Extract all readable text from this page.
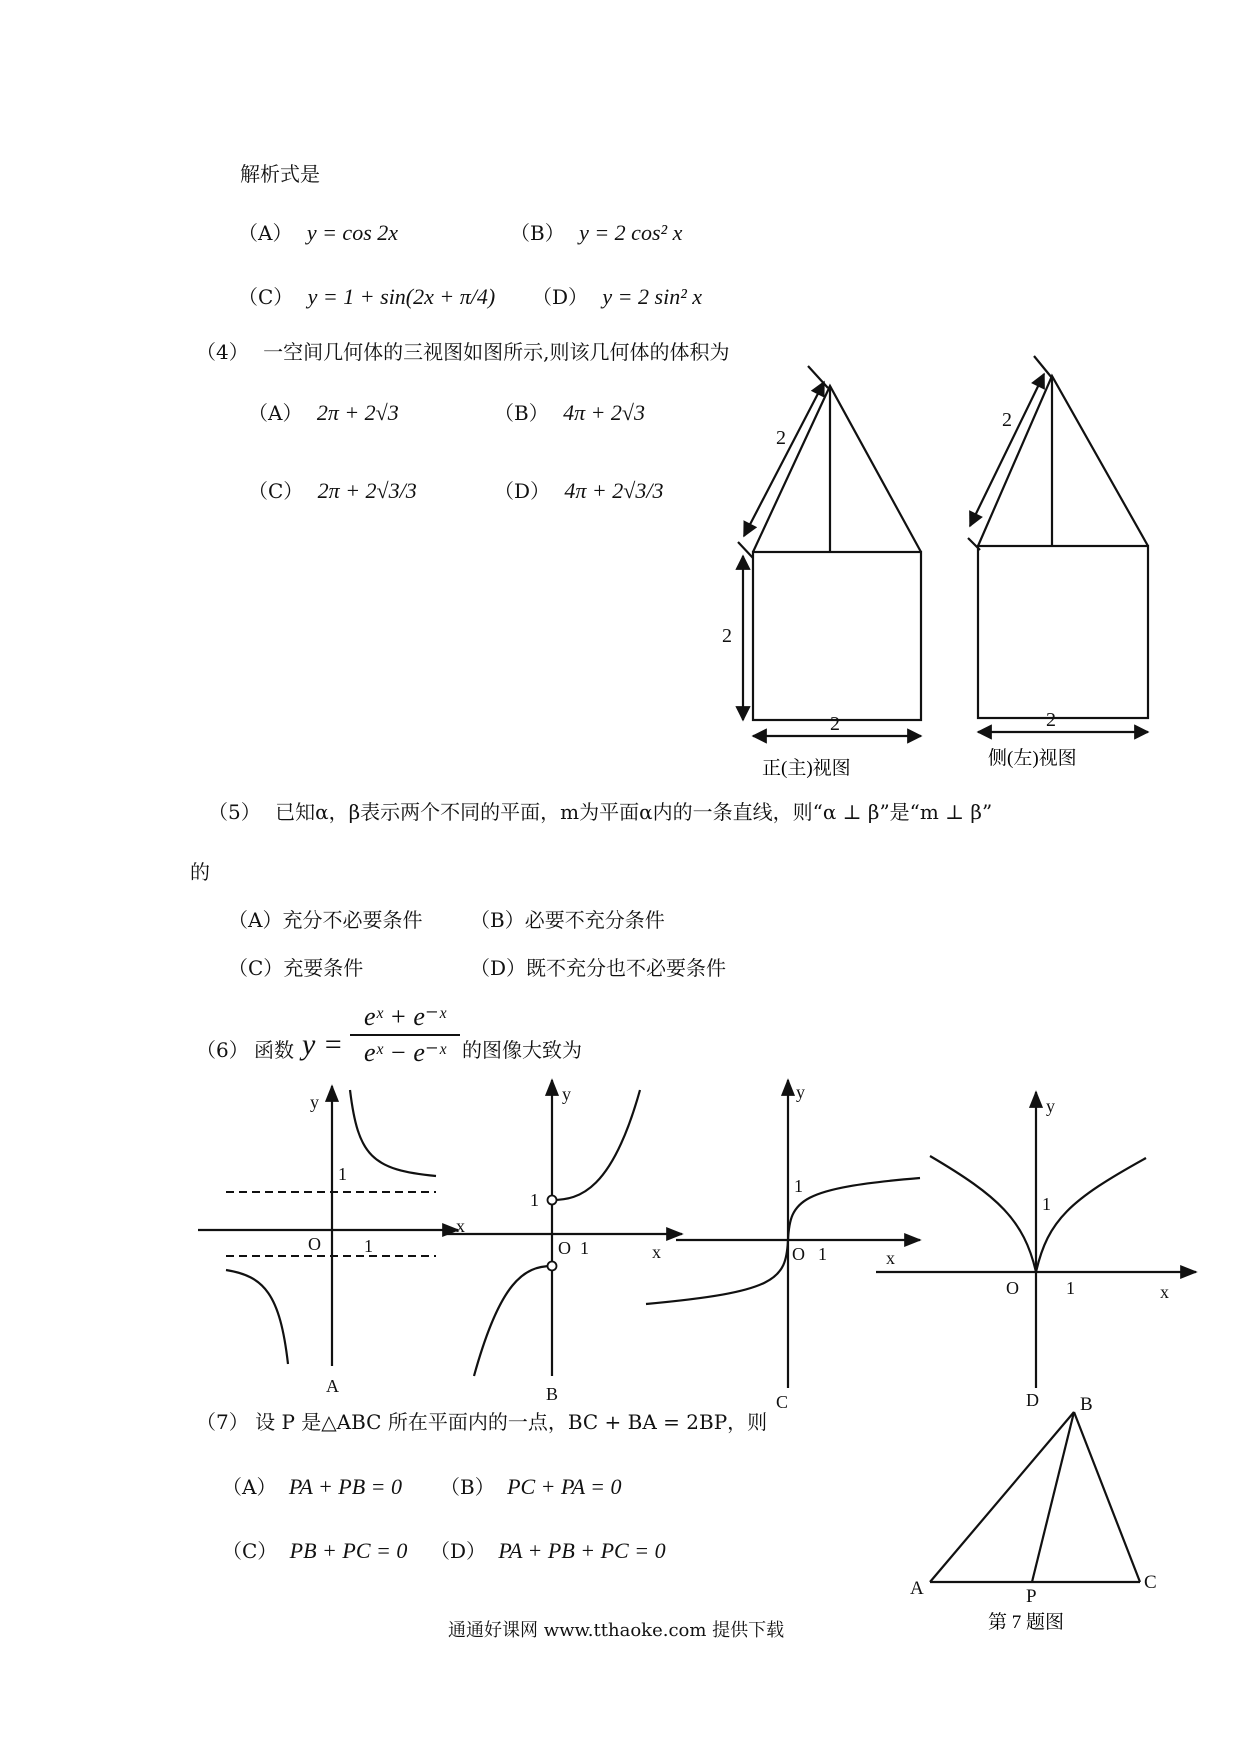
解析式是
（A） y = cos 2x	（B） y = 2 cos² x
（C） y = 1 + sin(2x + π/4) （D） y = 2 sin² x
（4） 一空间几何体的三视图如图所示,则该几何体的体积为
（A） 2π + 2√3	（B） 4π + 2√3
（C） 2π + 2√3/3	（D） 4π + 2√3/3
2
2
2
2
2
正(主)视图	侧(左)视图
（5） 已知α，β表示两个不同的平面，m为平面α内的一条直线，则“α ⊥ β”是“m ⊥ β”
的
（A）充分不必要条件 （B）必要不充分条件
（C）充要条件	（D）既不充分也不必要条件
（6） 函数 y =
eˣ + e⁻ˣ
eˣ − e⁻ˣ 的图像大致为
y
x
O 1
1
A
y
x
O 1
1
B
y
x
O 1
1
C
y
x
O	1
1
D
（7） 设 P 是△ABC 所在平面内的一点，BC + BA = 2BP，则
（A） PA + PB = 0 （B） PC + PA = 0
（C） PB + PC = 0 （D） PA + PB + PC = 0
A
B
C
P
第 7 题图
通通好课网 www.tthaoke.com 提供下载
